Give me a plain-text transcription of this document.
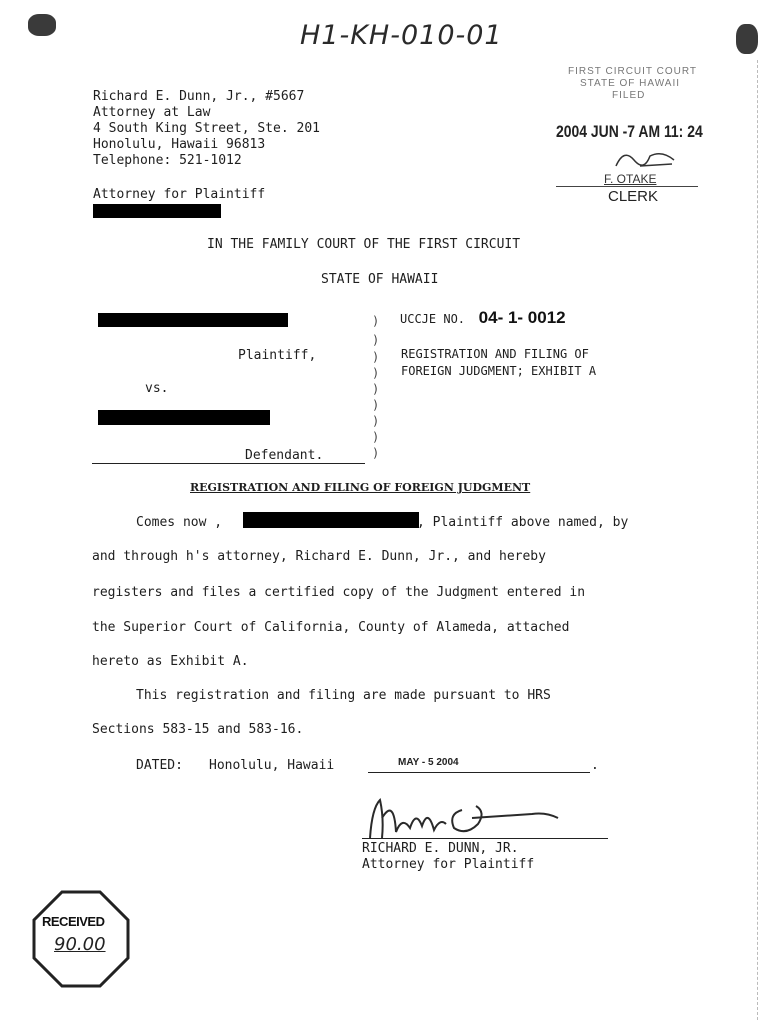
H1-KH-010-01
FIRST CIRCUIT COURT
STATE OF HAWAII
FILED
2004 JUN -7 AM 11: 24
F. OTAKE
CLERK
Richard E. Dunn, Jr., #5667
Attorney at Law
4 South King Street, Ste. 201
Honolulu, Hawaii 96813
Telephone: 521-1012
Attorney for Plaintiff
IN THE FAMILY COURT OF THE FIRST CIRCUIT
STATE OF HAWAII
Plaintiff,
vs.
Defendant.
)
)
)
)
)
)
)
)
)
UCCJE NO. 04- 1- 0012
REGISTRATION AND FILING OF
FOREIGN JUDGMENT; EXHIBIT A
REGISTRATION AND FILING OF FOREIGN JUDGMENT
Comes now ,	, Plaintiff above named, by
and through h's attorney, Richard E. Dunn, Jr., and hereby
registers and files a certified copy of the Judgment entered in
the Superior Court of California, County of Alameda, attached
hereto as Exhibit A.
This registration and filing are made pursuant to HRS
Sections 583-15 and 583-16.
DATED: Honolulu, Hawaii	MAY - 5 2004	.
RICHARD E. DUNN, JR.
Attorney for Plaintiff
RECEIVED
90.00
